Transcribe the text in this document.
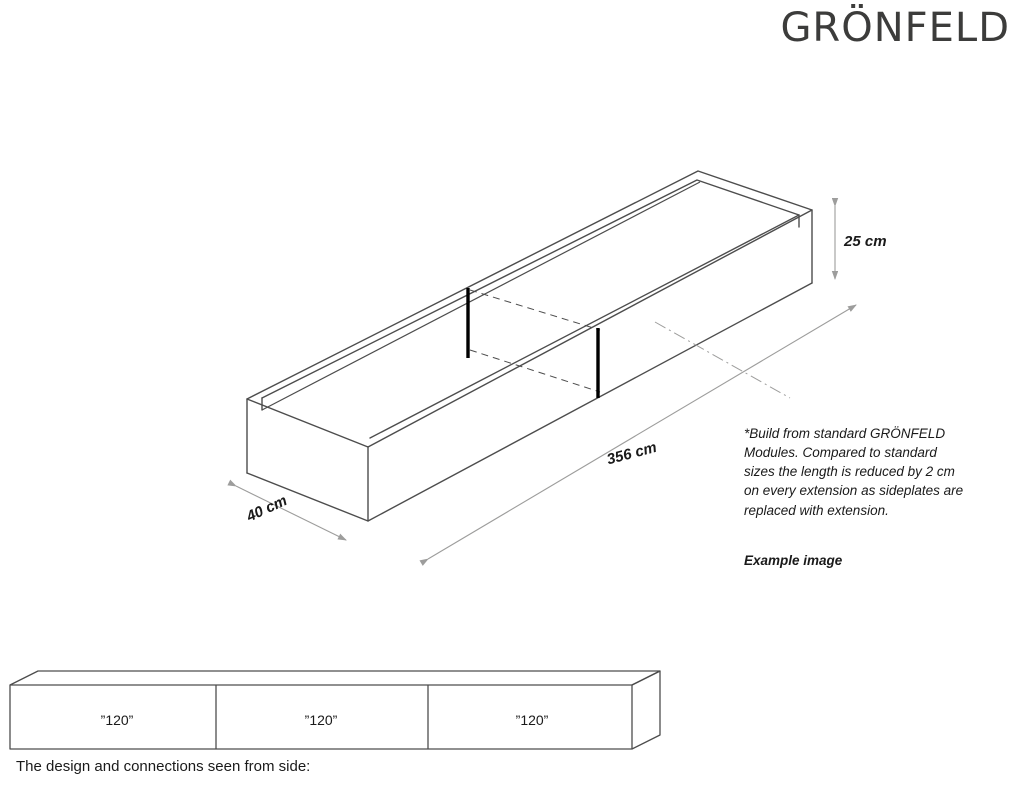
GRÖNFELD
25 cm
356 cm
40 cm
*Build from standard GRÖNFELD Modules. Compared to standard sizes the length is reduced by 2 cm on every extension as sideplates are replaced with extension.
Example image
”120”	”120”	”120”
The design and connections seen from side:
